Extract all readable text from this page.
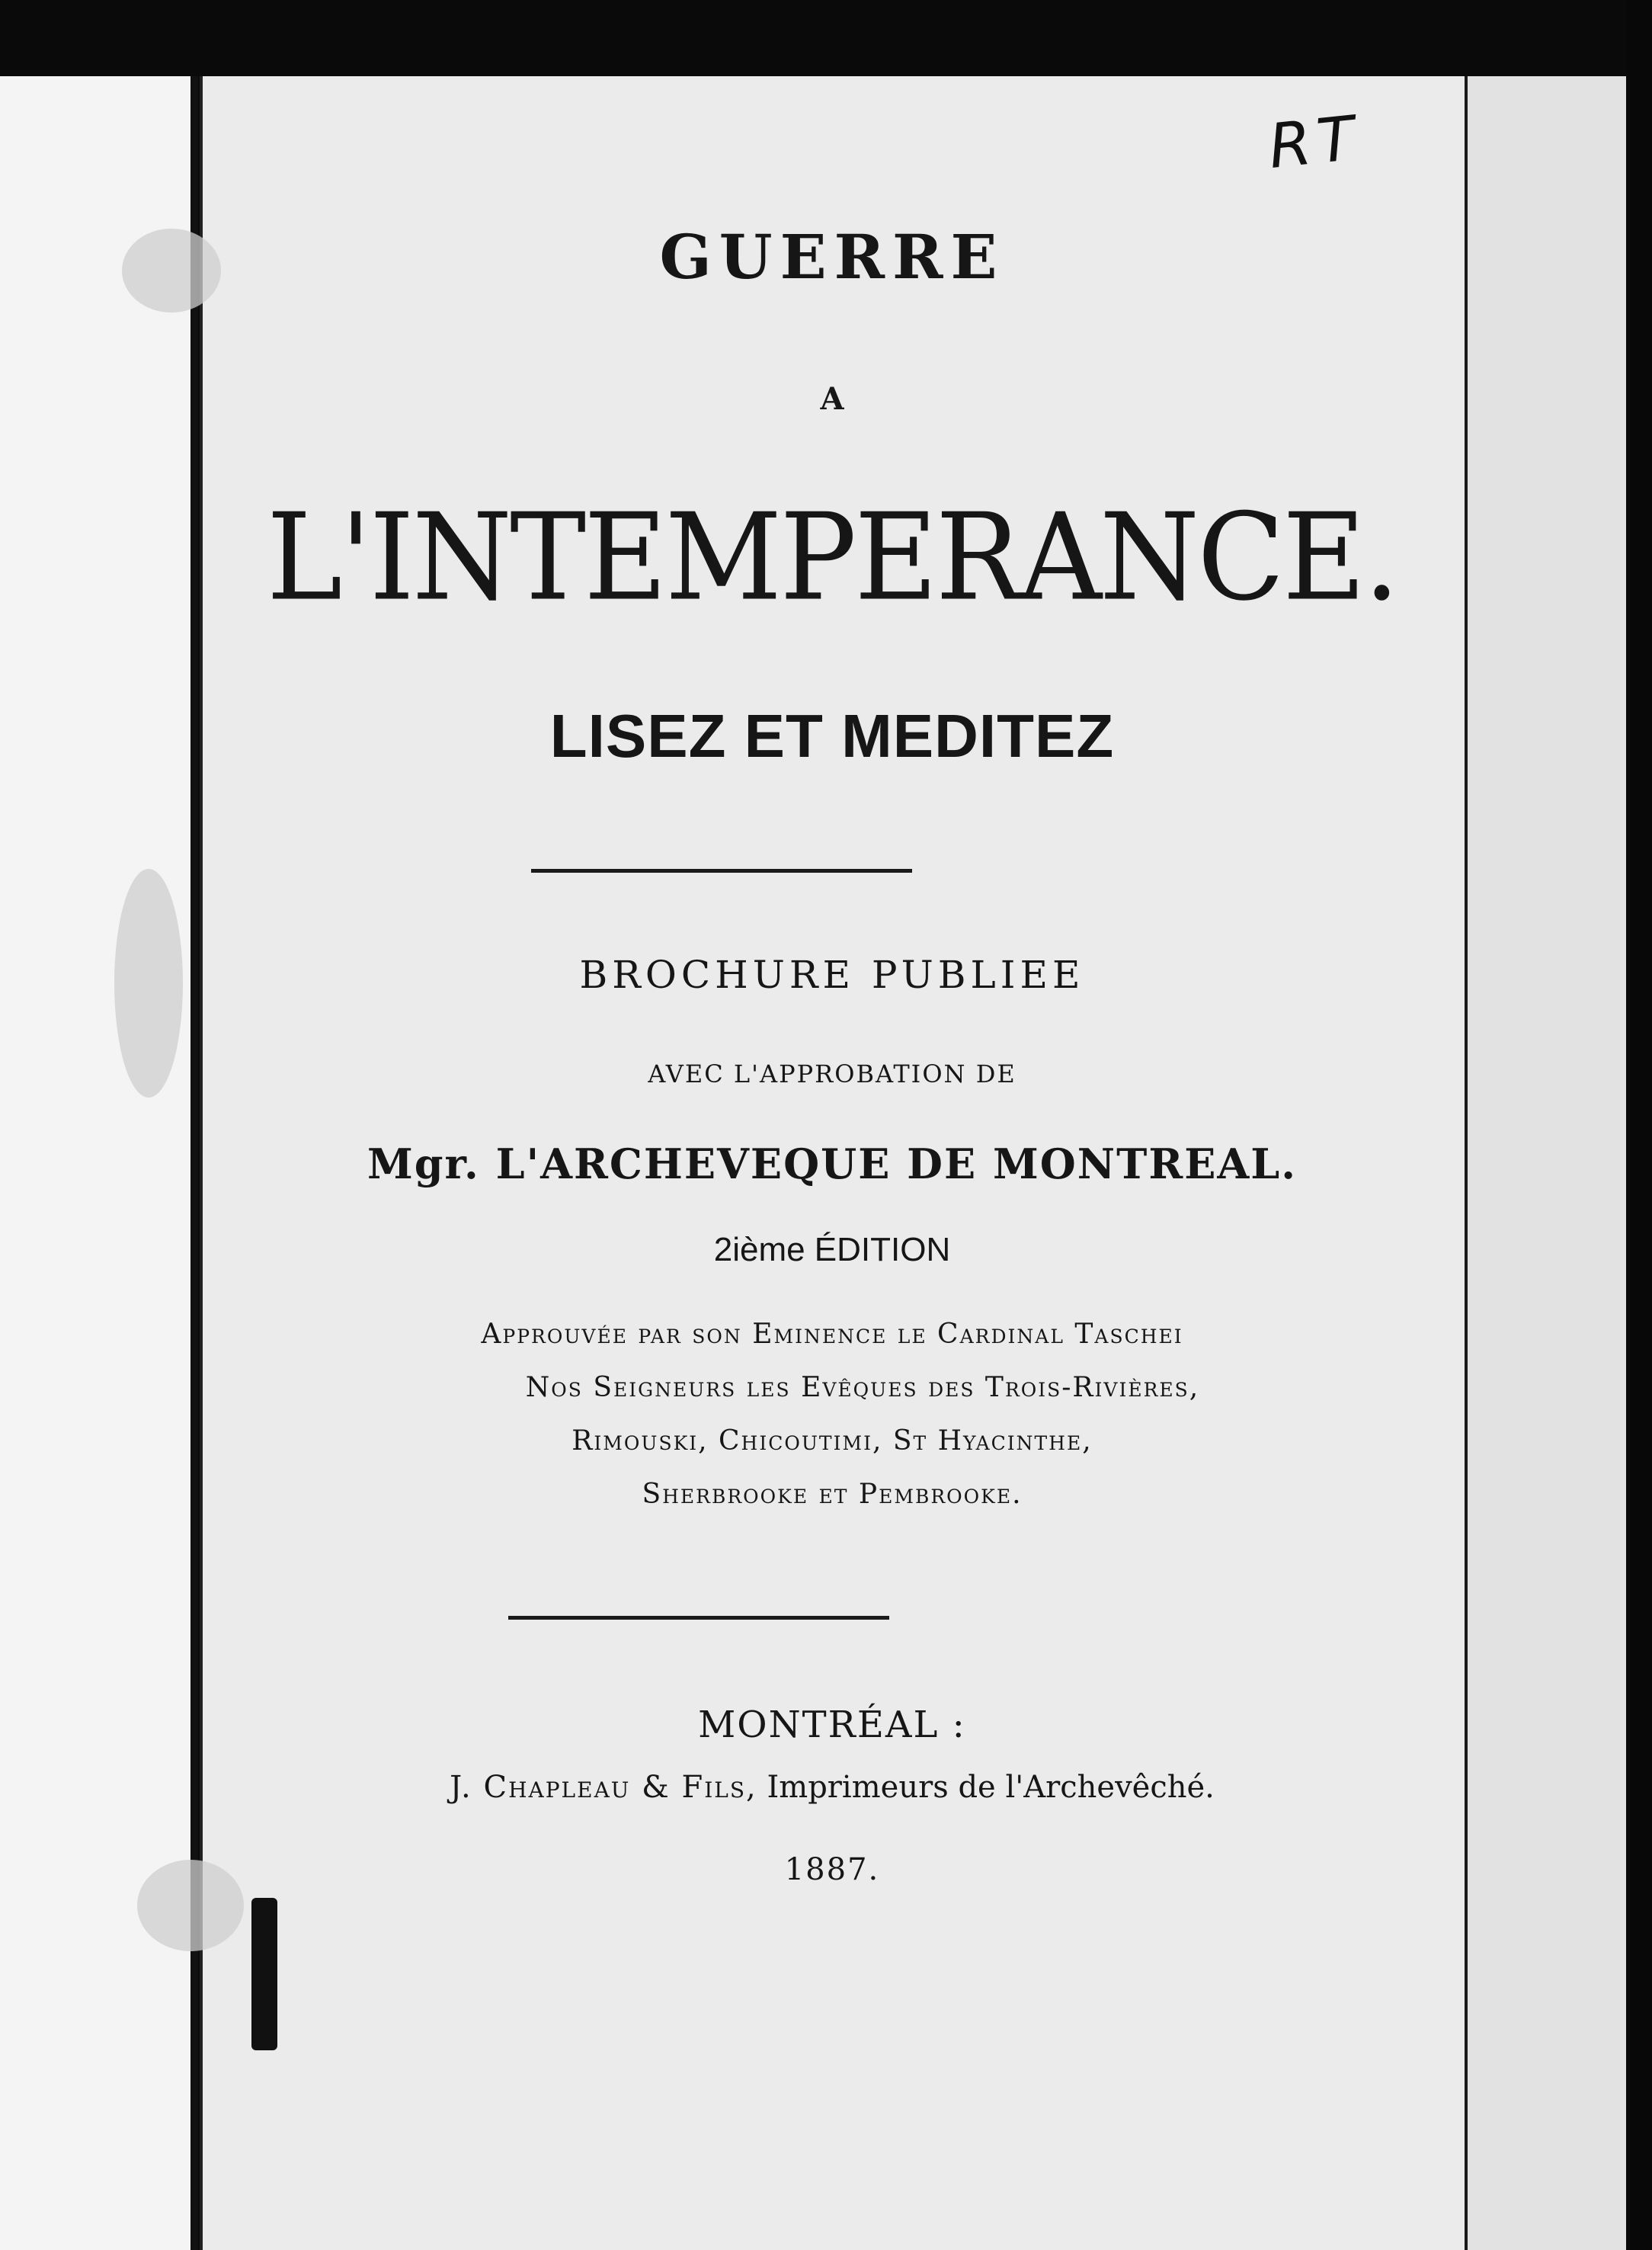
RT
GUERRE
A
L'INTEMPERANCE.
LISEZ ET MEDITEZ
BROCHURE PUBLIEE
AVEC L'APPROBATION DE
Mgr. L'ARCHEVEQUE DE MONTREAL.
2ième ÉDITION
Approuvée par son Eminence le Cardinal Taschei
Nos Seigneurs les Evêques des Trois-Rivières,
Rimouski, Chicoutimi, St Hyacinthe,
Sherbrooke et Pembrooke.
MONTRÉAL :
J. Chapleau & Fils, Imprimeurs de l'Archevêché.
1887.
